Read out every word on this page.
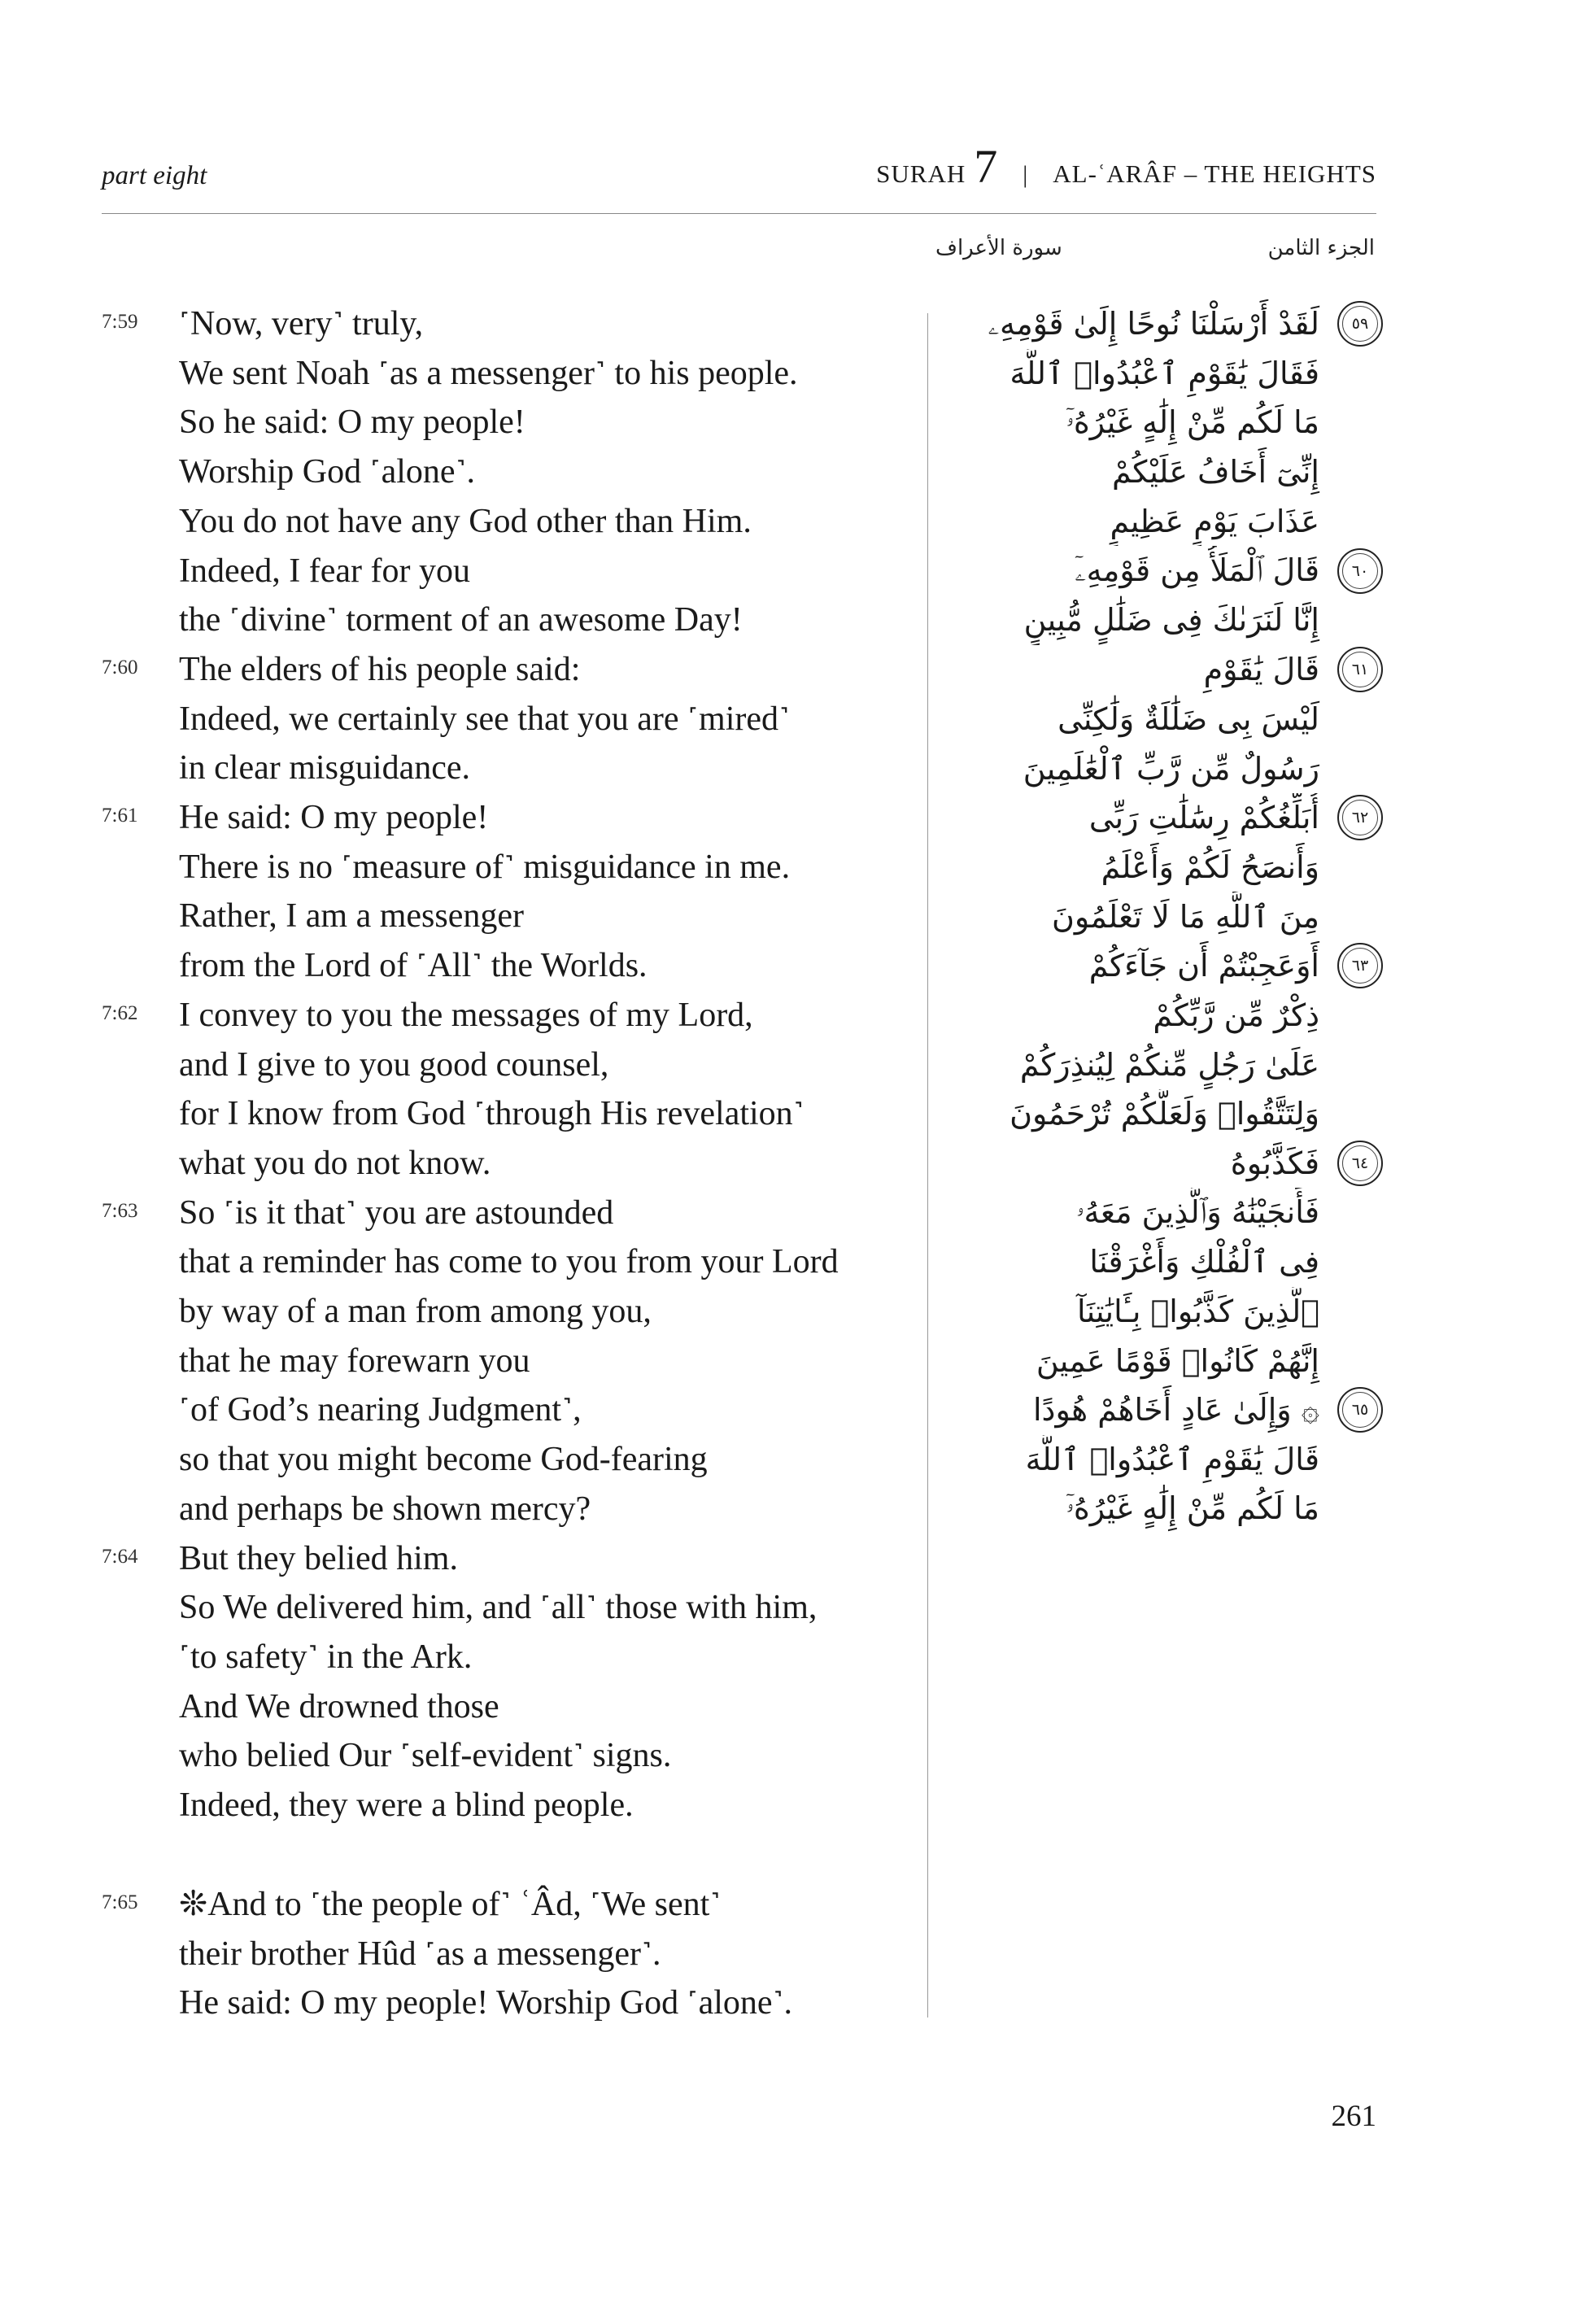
part eight	SURAH 7 | AL-ʿARÂF – THE HEIGHTS
الجزء الثامن
سورة الأعراف
7:59 ˹Now, very˺ truly,
We sent Noah ˹as a messenger˺ to his people.
So he said: O my people!
Worship God ˹alone˺.
You do not have any God other than Him.
Indeed, I fear for you
the ˹divine˺ torment of an awesome Day!
7:60 The elders of his people said:
Indeed, we certainly see that you are ˹mired˺
in clear misguidance.
7:61 He said: O my people!
There is no ˹measure of˺ misguidance in me.
Rather, I am a messenger
from the Lord of ˹All˺ the Worlds.
7:62 I convey to you the messages of my Lord,
and I give to you good counsel,
for I know from God ˹through His revelation˺
what you do not know.
7:63 So ˹is it that˺ you are astounded
that a reminder has come to you from your Lord
by way of a man from among you,
that he may forewarn you
˹of God’s nearing Judgment˺,
so that you might become God-fearing
and perhaps be shown mercy?
7:64 But they belied him.
So We delivered him, and ˹all˺ those with him,
˹to safety˺ in the Ark.
And We drowned those
who belied Our ˹self-evident˺ signs.
Indeed, they were a blind people.
7:65 ❊And to ˹the people of˺ ʿÂd, ˹We sent˺
their brother Hûd ˹as a messenger˺.
He said: O my people! Worship God ˹alone˺.
٥٩
لَقَدْ أَرْسَلْنَا نُوحًا إِلَىٰ قَوْمِهِۦ
فَقَالَ يَٰقَوْمِ ٱعْبُدُوا۟ ٱللَّهَ
مَا لَكُم مِّنْ إِلَٰهٍ غَيْرُهُۥٓ
إِنِّىٓ أَخَافُ عَلَيْكُمْ
عَذَابَ يَوْمٍ عَظِيمٍ
٦٠
قَالَ ٱلْمَلَأُ مِن قَوْمِهِۦٓ
إِنَّا لَنَرَىٰكَ فِى ضَلَٰلٍ مُّبِينٍ
٦١
قَالَ يَٰقَوْمِ
لَيْسَ بِى ضَلَٰلَةٌ وَلَٰكِنِّى
رَسُولٌ مِّن رَّبِّ ٱلْعَٰلَمِينَ
٦٢
أُبَلِّغُكُمْ رِسَٰلَٰتِ رَبِّى
وَأَنصَحُ لَكُمْ وَأَعْلَمُ
مِنَ ٱللَّهِ مَا لَا تَعْلَمُونَ
٦٣
أَوَعَجِبْتُمْ أَن جَآءَكُمْ
ذِكْرٌ مِّن رَّبِّكُمْ
عَلَىٰ رَجُلٍ مِّنكُمْ لِيُنذِرَكُمْ
وَلِتَتَّقُوا۟ وَلَعَلَّكُمْ تُرْحَمُونَ
٦٤
فَكَذَّبُوهُ
فَأَنجَيْنَٰهُ وَٱلَّذِينَ مَعَهُۥ
فِى ٱلْفُلْكِ وَأَغْرَقْنَا
ٱلَّذِينَ كَذَّبُوا۟ بِـَٔايَٰتِنَآ
إِنَّهُمْ كَانُوا۟ قَوْمًا عَمِينَ
٦٥
۞ وَإِلَىٰ عَادٍ أَخَاهُمْ هُودًا
قَالَ يَٰقَوْمِ ٱعْبُدُوا۟ ٱللَّهَ
مَا لَكُم مِّنْ إِلَٰهٍ غَيْرُهُۥٓ
261
